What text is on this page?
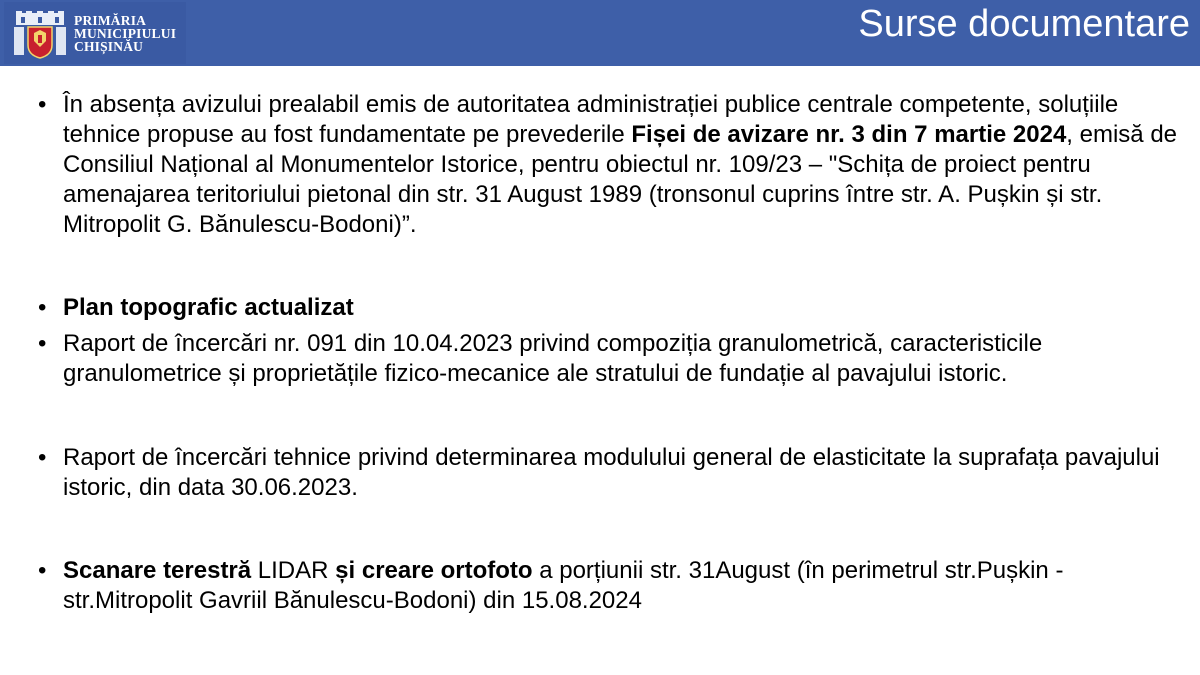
PRIMĂRIA
MUNICIPIULUI
CHIȘINĂU
Surse documentare
• În absența avizului prealabil emis de autoritatea administrației publice centrale competente, soluțiile tehnice propuse au fost fundamentate pe prevederile Fișei de avizare nr. 3 din 7 martie 2024, emisă de Consiliul Național al Monumentelor Istorice, pentru obiectul nr. 109/23 – "Schița de proiect pentru amenajarea teritoriului pietonal din str. 31 August 1989 (tronsonul cuprins între str. A. Pușkin și str. Mitropolit G. Bănulescu-Bodoni)”.
• Plan topografic actualizat
• Raport de încercări nr. 091 din 10.04.2023 privind compoziția granulometrică, caracteristicile granulometrice și proprietățile fizico-mecanice ale stratului de fundație al pavajului istoric.
• Raport de încercări tehnice privind determinarea modulului general de elasticitate la suprafața pavajului istoric, din data 30.06.2023.
• Scanare terestră LIDAR și creare ortofoto a porțiunii str. 31August (în perimetrul str.Pușkin - str.Mitropolit Gavriil Bănulescu-Bodoni) din 15.08.2024
